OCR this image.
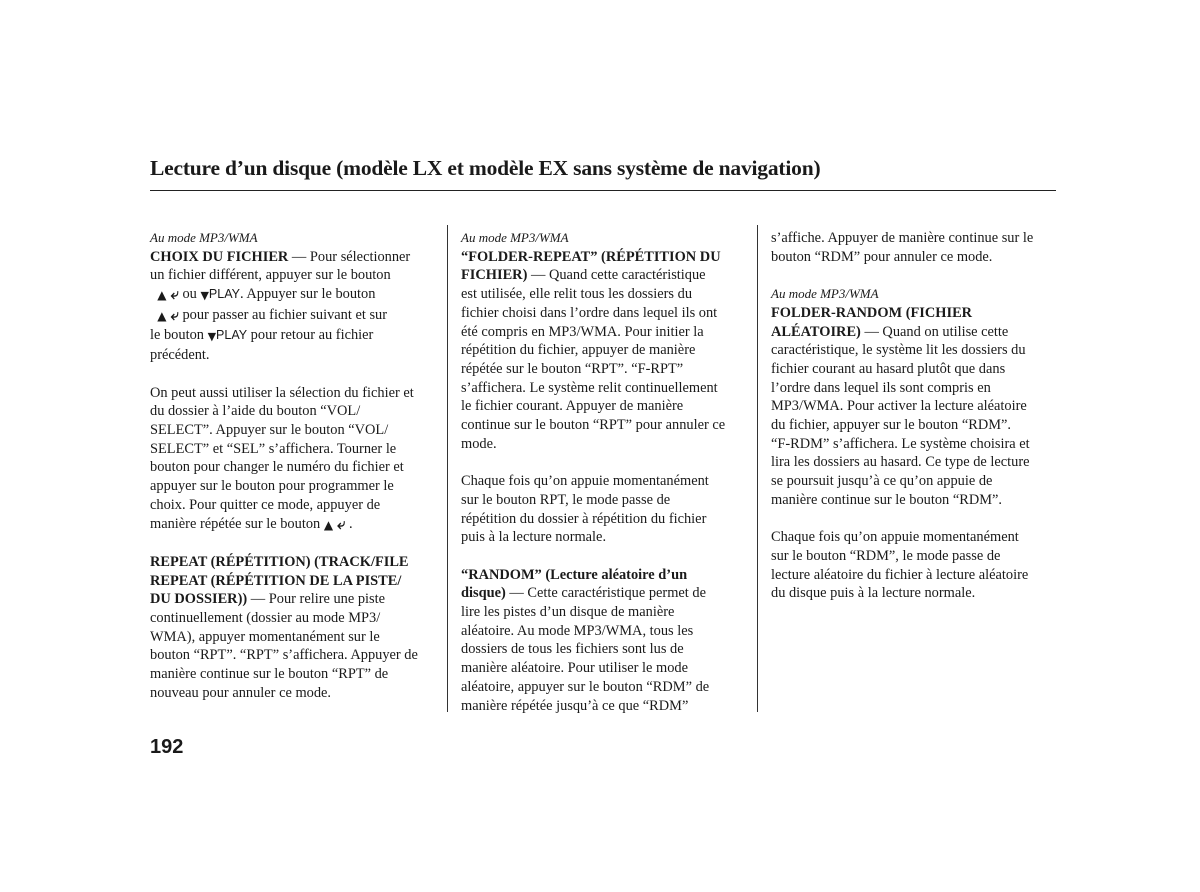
Lecture d’un disque (modèle LX et modèle EX sans système de navigation)
Au mode MP3/WMA
CHOIX DU FICHIER — Pour sélectionner
un fichier différent, appuyer sur le bouton
▲ ⤶ ou ▼PLAY. Appuyer sur le bouton
▲ ⤶ pour passer au fichier suivant et sur
le bouton ▼PLAY pour retour au fichier
précédent.
On peut aussi utiliser la sélection du fichier et
du dossier à l’aide du bouton “VOL/
SELECT”. Appuyer sur le bouton “VOL/
SELECT” et “SEL” s’affichera. Tourner le
bouton pour changer le numéro du fichier et
appuyer sur le bouton pour programmer le
choix. Pour quitter ce mode, appuyer de
manière répétée sur le bouton ▲ ⤶ .
REPEAT (RÉPÉTITION) (TRACK/FILE
REPEAT (RÉPÉTITION DE LA PISTE/
DU DOSSIER)) — Pour relire une piste
continuellement (dossier au mode MP3/
WMA), appuyer momentanément sur le
bouton “RPT”. “RPT” s’affichera. Appuyer de
manière continue sur le bouton “RPT” de
nouveau pour annuler ce mode.
Au mode MP3/WMA
“FOLDER-REPEAT” (RÉPÉTITION DU
FICHIER) — Quand cette caractéristique
est utilisée, elle relit tous les dossiers du
fichier choisi dans l’ordre dans lequel ils ont
été compris en MP3/WMA. Pour initier la
répétition du fichier, appuyer de manière
répétée sur le bouton “RPT”. “F-RPT”
s’affichera. Le système relit continuellement
le fichier courant. Appuyer de manière
continue sur le bouton “RPT” pour annuler ce
mode.
Chaque fois qu’on appuie momentanément
sur le bouton RPT, le mode passe de
répétition du dossier à répétition du fichier
puis à la lecture normale.
“RANDOM” (Lecture aléatoire d’un
disque) — Cette caractéristique permet de
lire les pistes d’un disque de manière
aléatoire. Au mode MP3/WMA, tous les
dossiers de tous les fichiers sont lus de
manière aléatoire. Pour utiliser le mode
aléatoire, appuyer sur le bouton “RDM” de
manière répétée jusqu’à ce que “RDM”
s’affiche. Appuyer de manière continue sur le
bouton “RDM” pour annuler ce mode.
Au mode MP3/WMA
FOLDER-RANDOM (FICHIER
ALÉATOIRE) — Quand on utilise cette
caractéristique, le système lit les dossiers du
fichier courant au hasard plutôt que dans
l’ordre dans lequel ils sont compris en
MP3/WMA. Pour activer la lecture aléatoire
du fichier, appuyer sur le bouton “RDM”.
“F-RDM” s’affichera. Le système choisira et
lira les dossiers au hasard. Ce type de lecture
se poursuit jusqu’à ce qu’on appuie de
manière continue sur le bouton “RDM”.
Chaque fois qu’on appuie momentanément
sur le bouton “RDM”, le mode passe de
lecture aléatoire du fichier à lecture aléatoire
du disque puis à la lecture normale.
192
